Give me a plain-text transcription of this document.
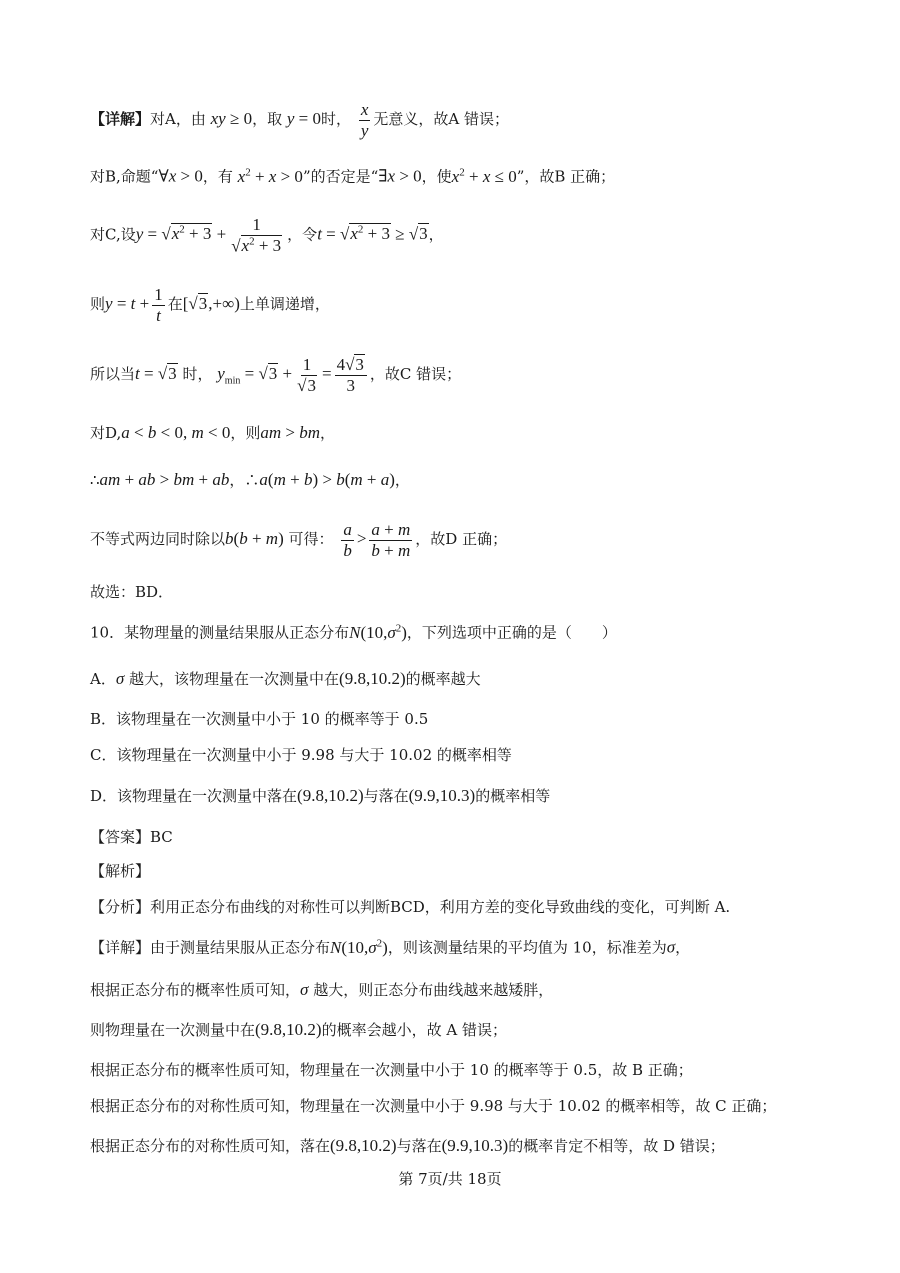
【详解】对A，由 xy ≥ 0，取 y = 0时， $\frac{x}{y}$ 无意义，故A 错误；
对B,命题“∀x > 0，有 $x^2 + x > 0$”的否定是“∃x > 0，使$x^2 + x \le 0$”，故B 正确；
对C,设$y = √x^2 + 3 + \frac{1}{√x^2 + 3}$ ，令$t = √x^2 + 3 \ge √3$，
则$y = t + \frac{1}{t}$ 在[√3,+∞)上单调递增，
所以当t = √3 时， $y_{min} = √3 + \frac{1}{√3} = \frac{4√3}{3}$ ，故C 错误；
对D,a < b < 0, m < 0，则am > bm，
∴am + ab > bm + ab，∴a(m + b) > b(m + a)，
不等式两边同时除以b(b + m) 可得： $\frac{a}{b} > \frac{a + m}{b + m}$ ，故D 正确；
故选：BD．
10．某物理量的测量结果服从正态分布$N(10,\sigma^2)$，下列选项中正确的是（　　）
A．σ 越大，该物理量在一次测量中在(9.8,10.2)的概率越大
B．该物理量在一次测量中小于 10 的概率等于 0.5
C．该物理量在一次测量中小于 9.98 与大于 10.02 的概率相等
D．该物理量在一次测量中落在(9.8,10.2)与落在(9.9,10.3)的概率相等
【答案】BC
【解析】
【分析】利用正态分布曲线的对称性可以判断BCD，利用方差的变化导致曲线的变化，可判断 A.
【详解】由于测量结果服从正态分布$N(10,\sigma^2)$，则该测量结果的平均值为 10，标准差为σ，
根据正态分布的概率性质可知，σ 越大，则正态分布曲线越来越矮胖，
则物理量在一次测量中在(9.8,10.2)的概率会越小，故 A 错误；
根据正态分布的概率性质可知，物理量在一次测量中小于 10 的概率等于 0.5，故 B 正确；
根据正态分布的对称性质可知，物理量在一次测量中小于 9.98 与大于 10.02 的概率相等，故 C 正确；
根据正态分布的对称性质可知，落在(9.8,10.2)与落在(9.9,10.3)的概率肯定不相等，故 D 错误；
第 7页/共 18页
